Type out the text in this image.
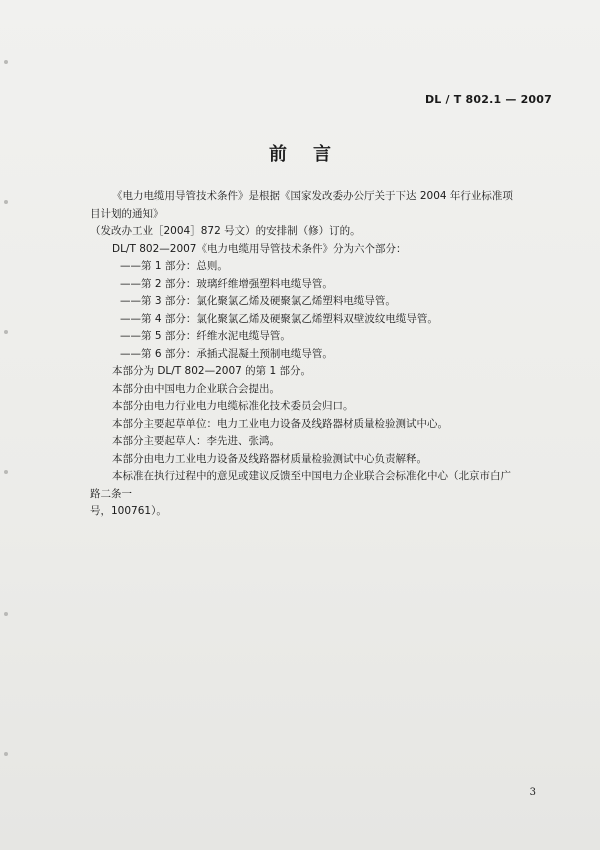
DL / T 802.1 — 2007
前 言

《电力电缆用导管技术条件》是根据《国家发改委办公厅关于下达 2004 年行业标准项目计划的通知》

（发改办工业［2004］872 号文）的安排制（修）订的。

DL/T 802—2007《电力电缆用导管技术条件》分为六个部分：

——第 1 部分：总则。

——第 2 部分：玻璃纤维增强塑料电缆导管。

——第 3 部分：氯化聚氯乙烯及硬聚氯乙烯塑料电缆导管。

——第 4 部分：氯化聚氯乙烯及硬聚氯乙烯塑料双壁波纹电缆导管。

——第 5 部分：纤维水泥电缆导管。

——第 6 部分：承插式混凝土预制电缆导管。

本部分为 DL/T 802—2007 的第 1 部分。

本部分由中国电力企业联合会提出。

本部分由电力行业电力电缆标准化技术委员会归口。

本部分主要起草单位：电力工业电力设备及线路器材质量检验测试中心。

本部分主要起草人：李先进、张鸿。

本部分由电力工业电力设备及线路器材质量检验测试中心负责解释。

本标准在执行过程中的意见或建议反馈至中国电力企业联合会标准化中心（北京市白广路二条一

号，100761）。

3
